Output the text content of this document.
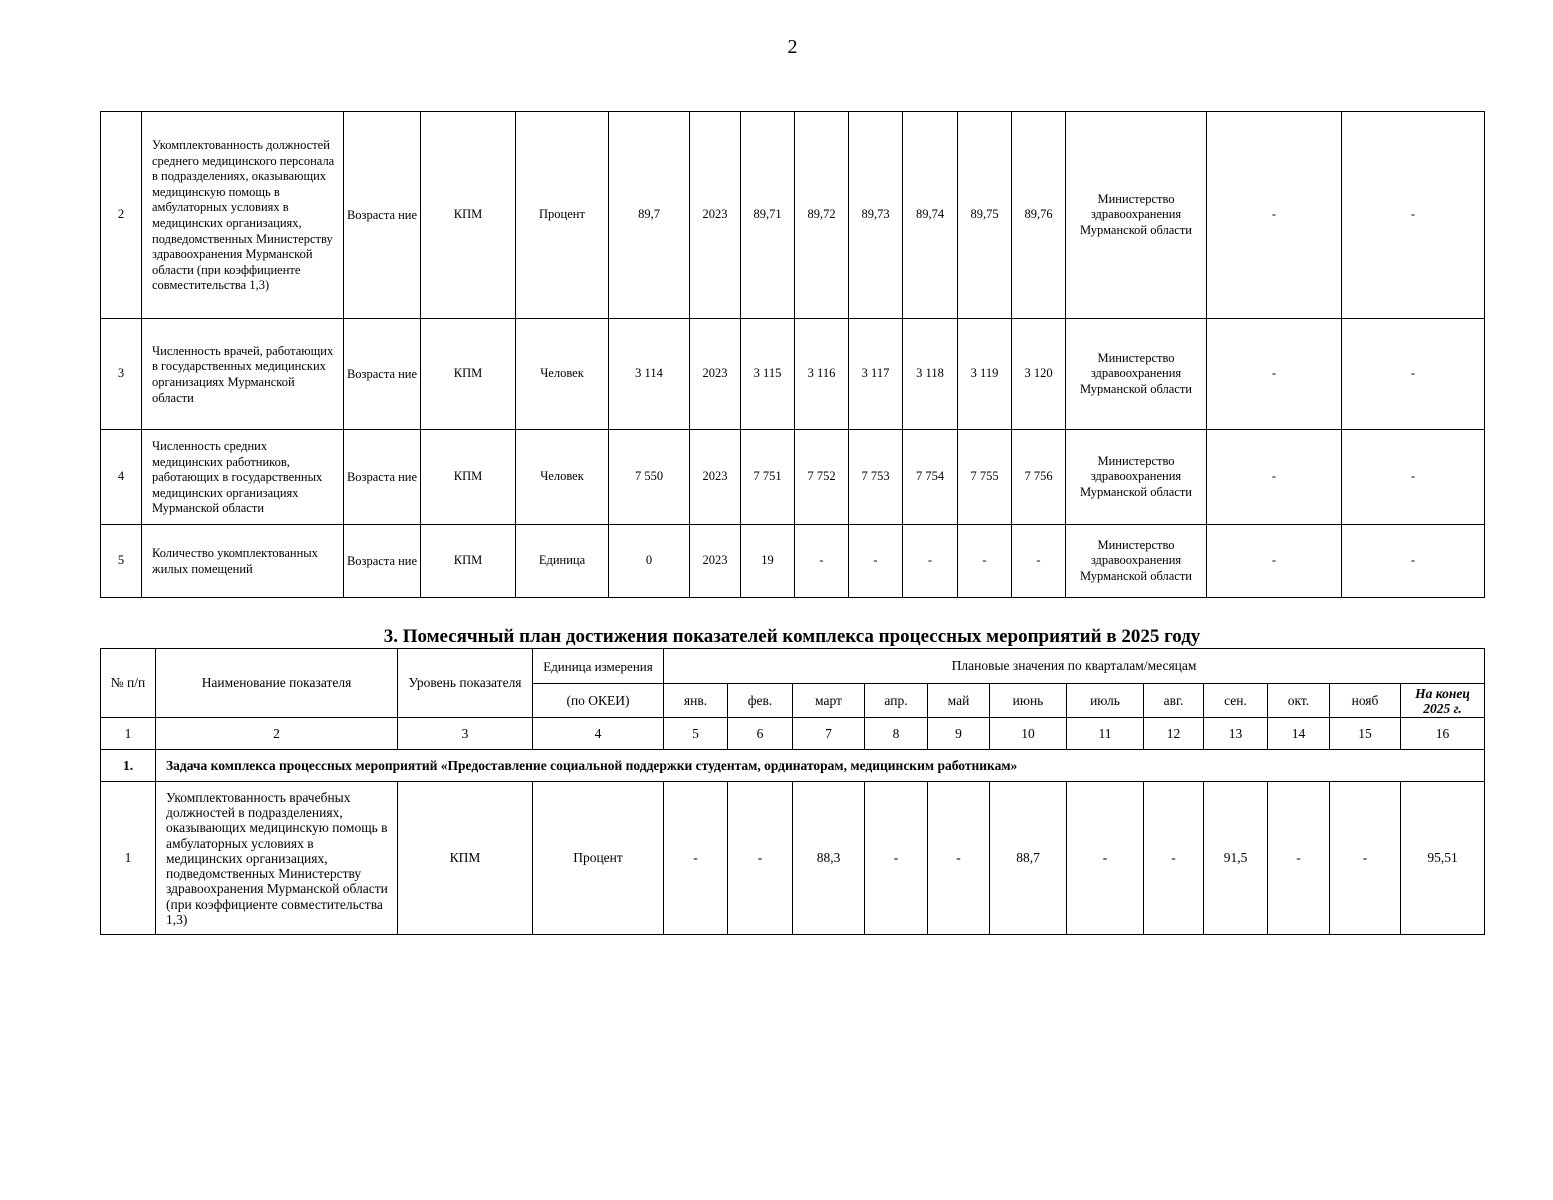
2
2	Укомплектованность должностей среднего медицинского персонала в подразделениях, оказывающих медицинскую помощь в амбулаторных условиях в медицинских организациях, подведомственных Министерству здравоохранения Мурманской области (при коэффициенте совместительства 1,3)	Возраста ние	КПМ	Процент	89,7	2023	89,71	89,72	89,73	89,74	89,75	89,76	Министерство здравоохранения Мурманской области	-	-
3	Численность врачей, работающих в государственных медицинских организациях Мурманской области	Возраста ние	КПМ	Человек	3 114	2023	3 115	3 116	3 117	3 118	3 119	3 120	Министерство здравоохранения Мурманской области	-	-
4	Численность средних медицинских работников, работающих в государственных медицинских организациях Мурманской области	Возраста ние	КПМ	Человек	7 550	2023	7 751	7 752	7 753	7 754	7 755	7 756	Министерство здравоохранения Мурманской области	-	-
5	Количество укомплектованных жилых помещений	Возраста ние	КПМ	Единица	0	2023	19	-	-	-	-	-	Министерство здравоохранения Мурманской области	-	-
3. Помесячный план достижения показателей комплекса процессных мероприятий в 2025 году
№ п/п	Наименование показателя	Уровень показателя	Единица измерения	Плановые значения по кварталам/месяцам											
			(по ОКЕИ)	янв.	фев.	март	апр.	май	июнь	июль	авг.	сен.	окт.	нояб	На конец 2025 г.
1	2	3	4	5	6	7	8	9	10	11	12	13	14	15	16
1.	Задача комплекса процессных мероприятий «Предоставление социальной поддержки студентам, ординаторам, медицинским работникам»														
1	Укомплектованность врачебных должностей в подразделениях, оказывающих медицинскую помощь в амбулаторных условиях в медицинских организациях, подведомственных Министерству здравоохранения Мурманской области (при коэффициенте совместительства 1,3)	КПМ	Процент	-	-	88,3	-	-	88,7	-	-	91,5	-	-	95,51
